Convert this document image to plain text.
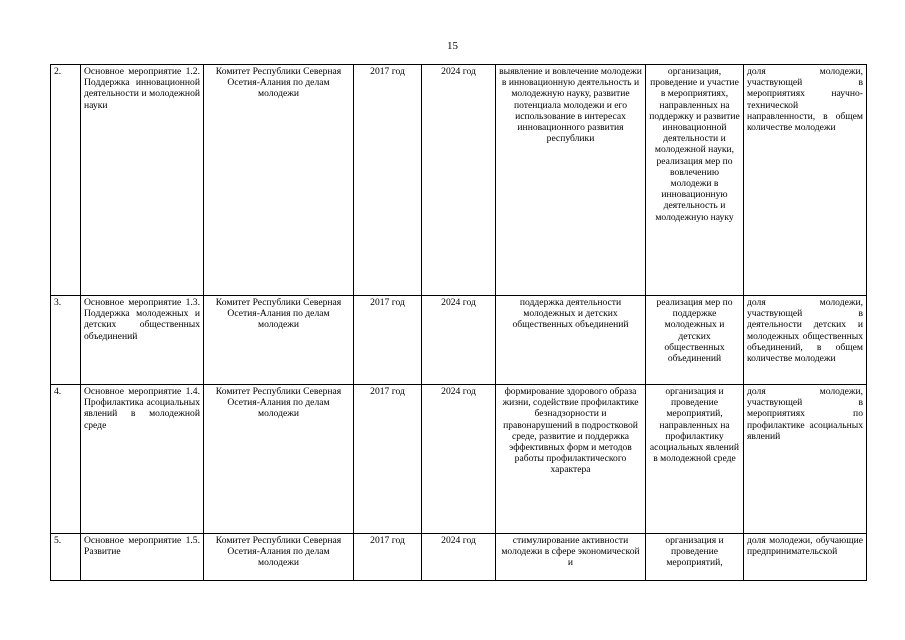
15
2.	Основное мероприятие 1.2. Поддержка инновационной деятельности и молодежной науки	Комитет Республики Северная Осетия-Алания по делам молодежи	2017 год	2024 год	выявление и вовлечение молодежи в инновационную деятельность и молодежную науку, развитие потенциала молодежи и его использование в интересах инновационного развития республики	организация, проведение и участие в мероприятиях, направленных на поддержку и развитие инновационной деятельности и молодежной науки, реализация мер по вовлечению молодежи в инновационную деятельность и молодежную науку	доля молодежи, участвующей в мероприятиях научно-технической направленности, в общем количестве молодежи
3.	Основное мероприятие 1.3. Поддержка молодежных и детских общественных объединений	Комитет Республики Северная Осетия-Алания по делам молодежи	2017 год	2024 год	поддержка деятельности молодежных и детских общественных объединений	реализация мер по поддержке молодежных и детских общественных объединений	доля молодежи, участвующей в деятельности детских и молодежных общественных объединений, в общем количестве молодежи
4.	Основное мероприятие 1.4. Профилактика асоциальных явлений в молодежной среде	Комитет Республики Северная Осетия-Алания по делам молодежи	2017 год	2024 год	формирование здорового образа жизни, содействие профилактике безнадзорности и правонарушений в подростковой среде, развитие и поддержка эффективных форм и методов работы профилактического характера	организация и проведение мероприятий, направленных на профилактику асоциальных явлений в молодежной среде	доля молодежи, участвующей в мероприятиях по профилактике асоциальных явлений
5.	Основное мероприятие 1.5. Развитие	Комитет Республики Северная Осетия-Алания по делам молодежи	2017 год	2024 год	стимулирование активности молодежи в сфере экономической и	организация и проведение мероприятий,	доля молодежи, обучающие предпринимательской
